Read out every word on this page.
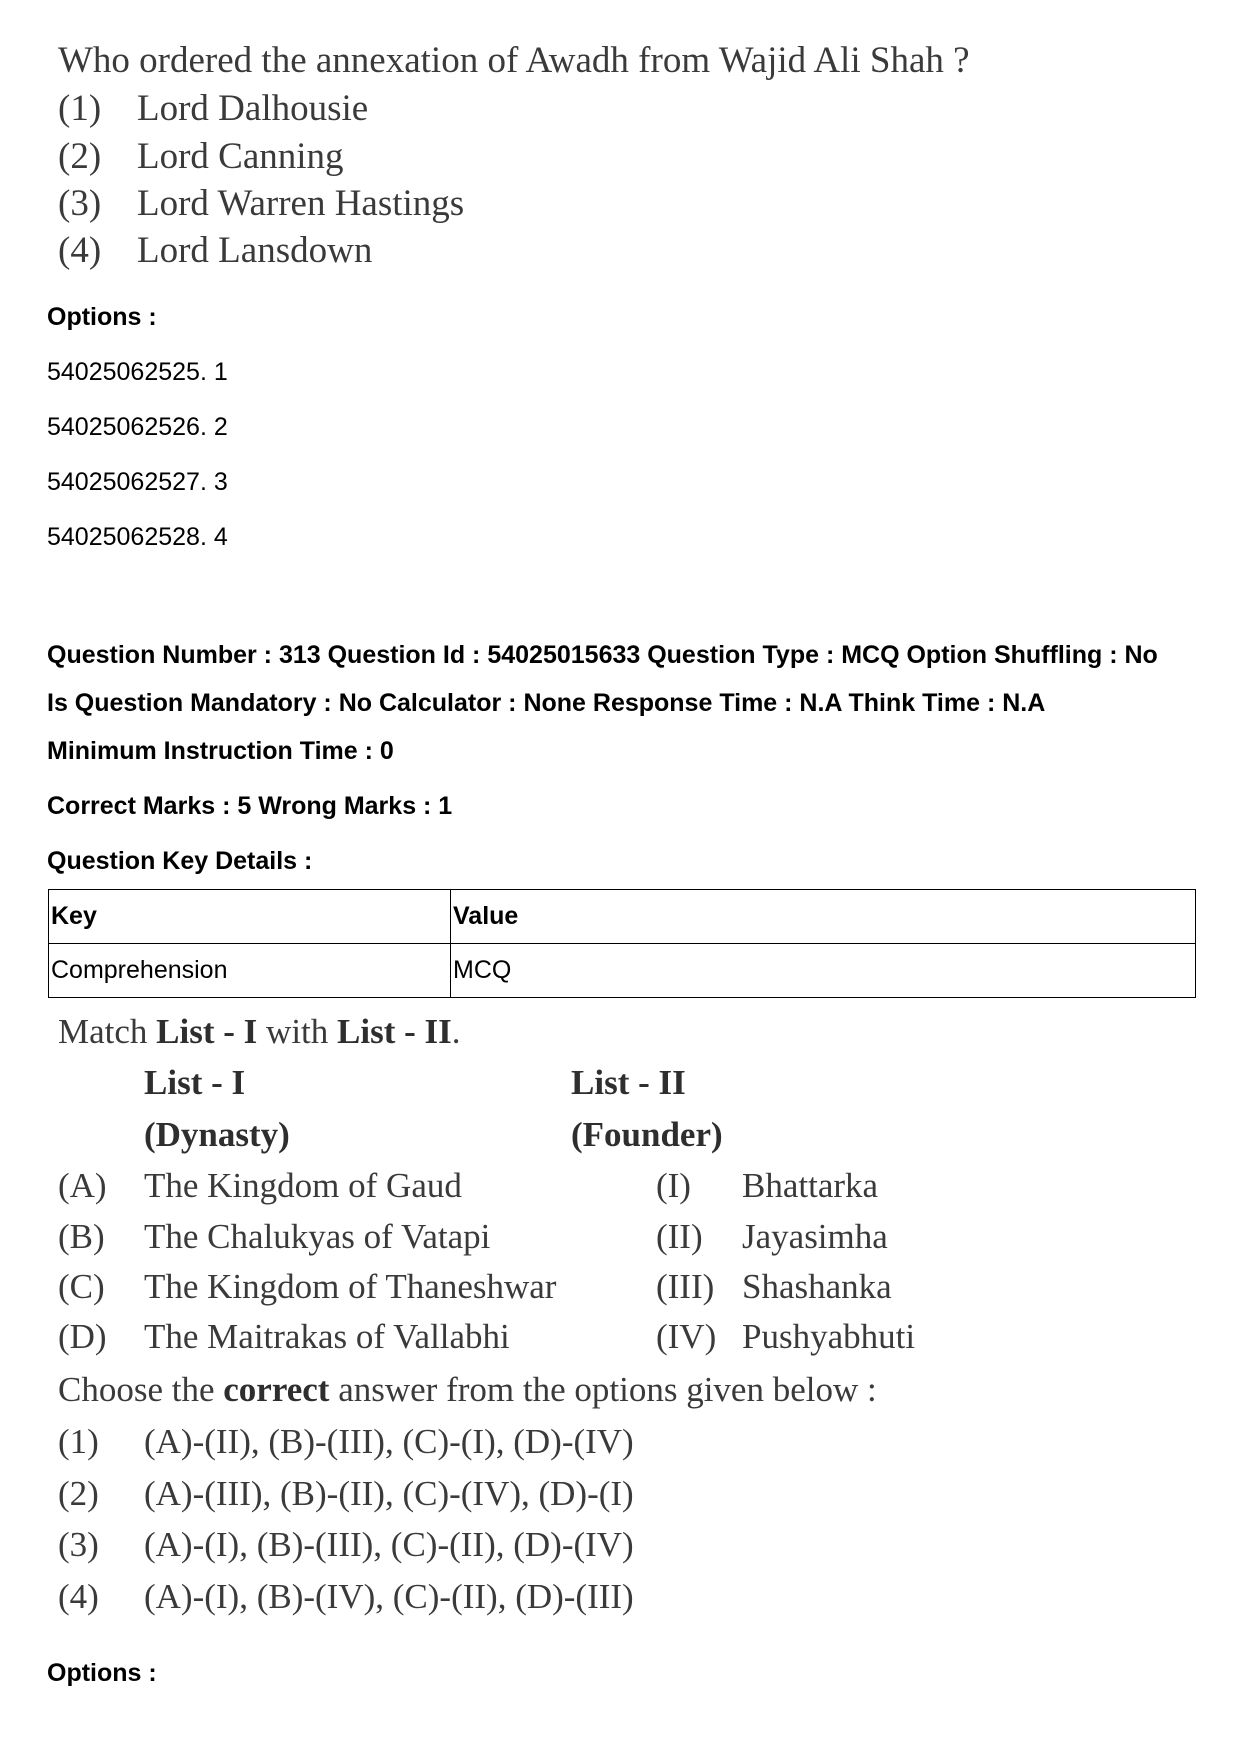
Who ordered the annexation of Awadh from Wajid Ali Shah ?
(1) Lord Dalhousie
(2) Lord Canning
(3) Lord Warren Hastings
(4) Lord Lansdown
Options :
54025062525. 1
54025062526. 2
54025062527. 3
54025062528. 4
Question Number : 313 Question Id : 54025015633 Question Type : MCQ Option Shuffling : No
Is Question Mandatory : No Calculator : None Response Time : N.A Think Time : N.A
Minimum Instruction Time : 0
Correct Marks : 5 Wrong Marks : 1
Question Key Details :
Key	Value
Comprehension	MCQ
Match List - I with List - II.
List - I	List - II
(Dynasty)	(Founder)
(A) The Kingdom of Gaud	(I) Bhattarka
(B) The Chalukyas of Vatapi	(II) Jayasimha
(C) The Kingdom of Thaneshwar	(III) Shashanka
(D) The Maitrakas of Vallabhi	(IV) Pushyabhuti
Choose the correct answer from the options given below :
(1) (A)-(II), (B)-(III), (C)-(I), (D)-(IV)
(2) (A)-(III), (B)-(II), (C)-(IV), (D)-(I)
(3) (A)-(I), (B)-(III), (C)-(II), (D)-(IV)
(4) (A)-(I), (B)-(IV), (C)-(II), (D)-(III)
Options :
